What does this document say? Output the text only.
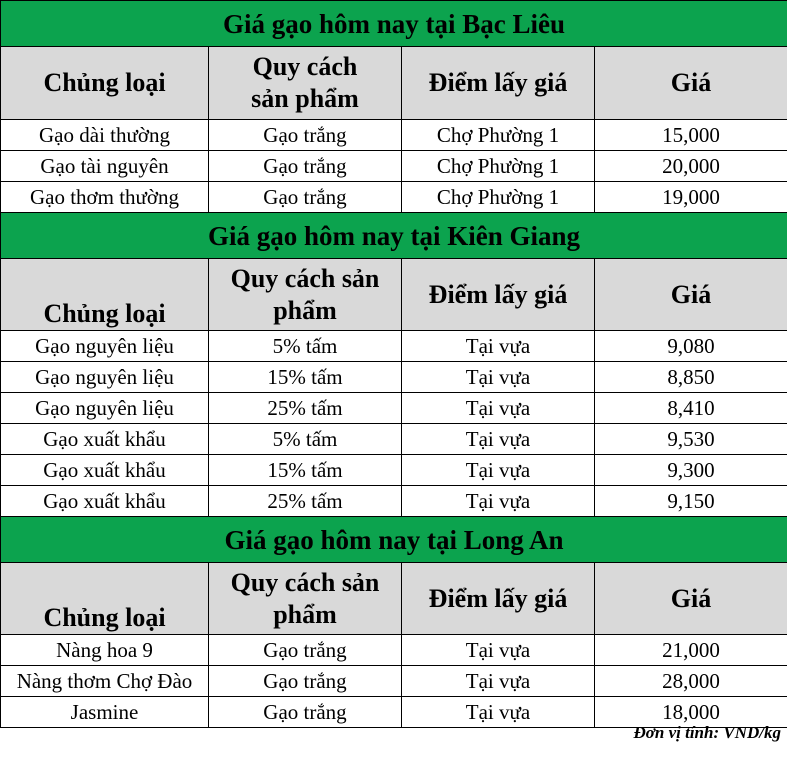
Giá gạo hôm nay tại Bạc Liêu			
Chủng loại	Quy cách sản phẩm	Điểm lấy giá	Giá
Gạo dài thường	Gạo trắng	Chợ Phường 1	15,000
Gạo tài nguyên	Gạo trắng	Chợ Phường 1	20,000
Gạo thơm thường	Gạo trắng	Chợ Phường 1	19,000
Giá gạo hôm nay tại Kiên Giang			
Chủng loại	Quy cách sản phẩm	Điểm lấy giá	Giá
Gạo nguyên liệu	5% tấm	Tại vựa	9,080
Gạo nguyên liệu	15% tấm	Tại vựa	8,850
Gạo nguyên liệu	25% tấm	Tại vựa	8,410
Gạo xuất khẩu	5% tấm	Tại vựa	9,530
Gạo xuất khẩu	15% tấm	Tại vựa	9,300
Gạo xuất khẩu	25% tấm	Tại vựa	9,150
Giá gạo hôm nay tại Long An			
Chủng loại	Quy cách sản phẩm	Điểm lấy giá	Giá
Nàng hoa 9	Gạo trắng	Tại vựa	21,000
Nàng thơm Chợ Đào	Gạo trắng	Tại vựa	28,000
Jasmine	Gạo trắng	Tại vựa	18,000
Đơn vị tính: VND/kg
